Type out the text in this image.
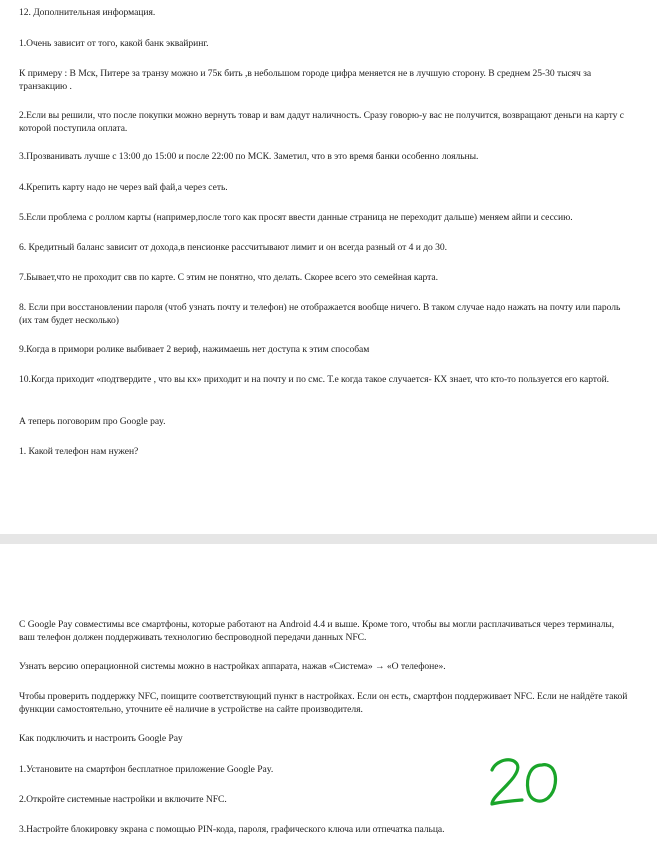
12. Дополнительная информация.

1.Очень зависит от того, какой банк эквайринг.

К примеру : В Мск, Питере за транзу можно и 75к бить ,в небольшом городе цифра меняется не в лучшую сторону. В среднем 25-30 тысяч за транзакцию .

2.Если вы решили, что после покупки можно вернуть товар и вам дадут наличность. Сразу говорю-у вас не получится, возвращают деньги на карту с которой поступила оплата.

3.Прозванивать лучше с 13:00 до 15:00 и после 22:00 по МСК. Заметил, что в это время банки особенно лояльны.

4.Крепить карту надо не через вай фай,а через сеть.

5.Если проблема с роллом карты (например,после того как просят ввести данные страница не переходит дальше) меняем айпи и сессию.

6. Кредитный баланс зависит от дохода,в пенсионке рассчитывают лимит и он всегда разный от 4 и до 30.

7.Бывает,что не проходит свв по карте. С этим не понятно, что делать. Скорее всего это семейная карта.

8. Если при восстановлении пароля (чтоб узнать почту и телефон) не отображается вообще ничего. В таком случае надо нажать на почту или пароль (их там будет несколько)

9.Когда в примори ролике выбивает 2 вериф, нажимаешь нет доступа к этим способам

10.Когда приходит «подтвердите , что вы кх» приходит и на почту и по смс. Т.е когда такое случается- КХ знает, что кто-то пользуется его картой.

А теперь поговорим про Google pay.

1. Какой телефон нам нужен?

С Google Pay совместимы все смартфоны, которые работают на Android 4.4 и выше. Кроме того, чтобы вы могли расплачиваться через терминалы, ваш телефон должен поддерживать технологию беспроводной передачи данных NFC.

Узнать версию операционной системы можно в настройках аппарата, нажав «Система» → «О телефоне».

Чтобы проверить поддержку NFC, поищите соответствующий пункт в настройках. Если он есть, смартфон поддерживает NFC. Если не найдёте такой функции самостоятельно, уточните её наличие в устройстве на сайте производителя.

Как подключить и настроить Google Pay

1.Установите на смартфон бесплатное приложение Google Pay.

2.Откройте системные настройки и включите NFC.

3.Настройте блокировку экрана с помощью PIN-кода, пароля, графического ключа или отпечатка пальца.
